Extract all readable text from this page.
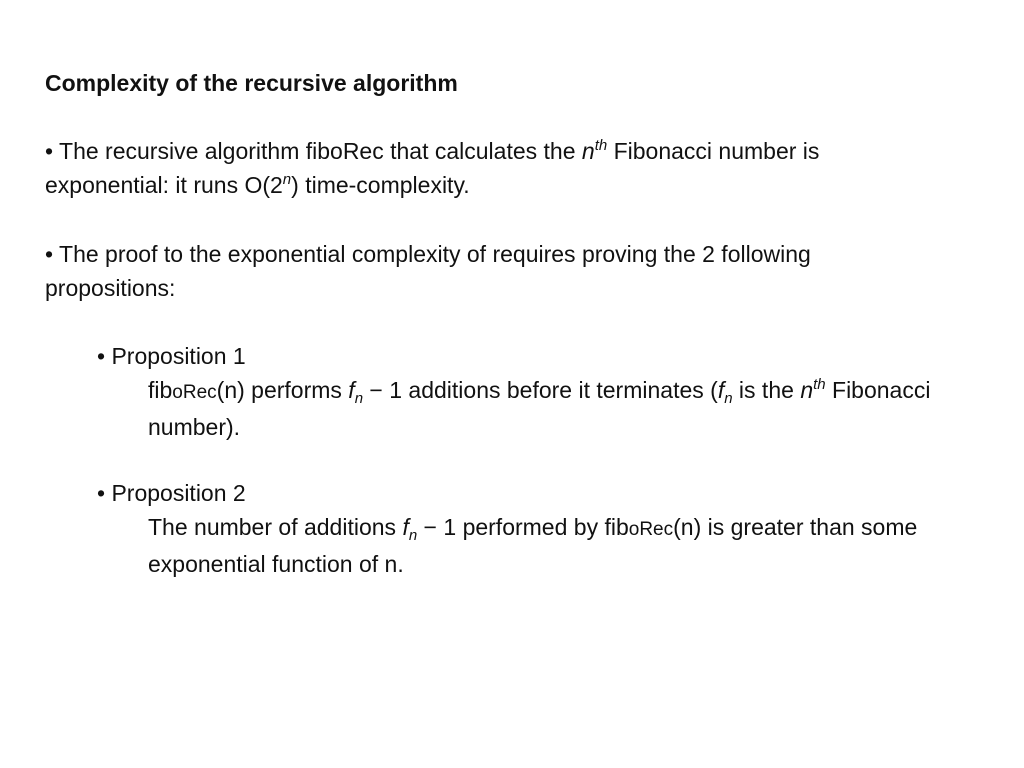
Complexity of the recursive algorithm
• The recursive algorithm fiboRec that calculates the $n^{th}$ Fibonacci number is exponential: it runs O(2$^n$) time-complexity.
• The proof to the exponential complexity of requires proving the 2 following propositions:
• Proposition 1
fiboRec(n) performs $f_n - 1$ additions before it terminates ($f_n$ is the $n^{th}$ Fibonacci number).
• Proposition 2
The number of additions $f_n - 1$ performed by fiboRec(n) is greater than some exponential function of n.
